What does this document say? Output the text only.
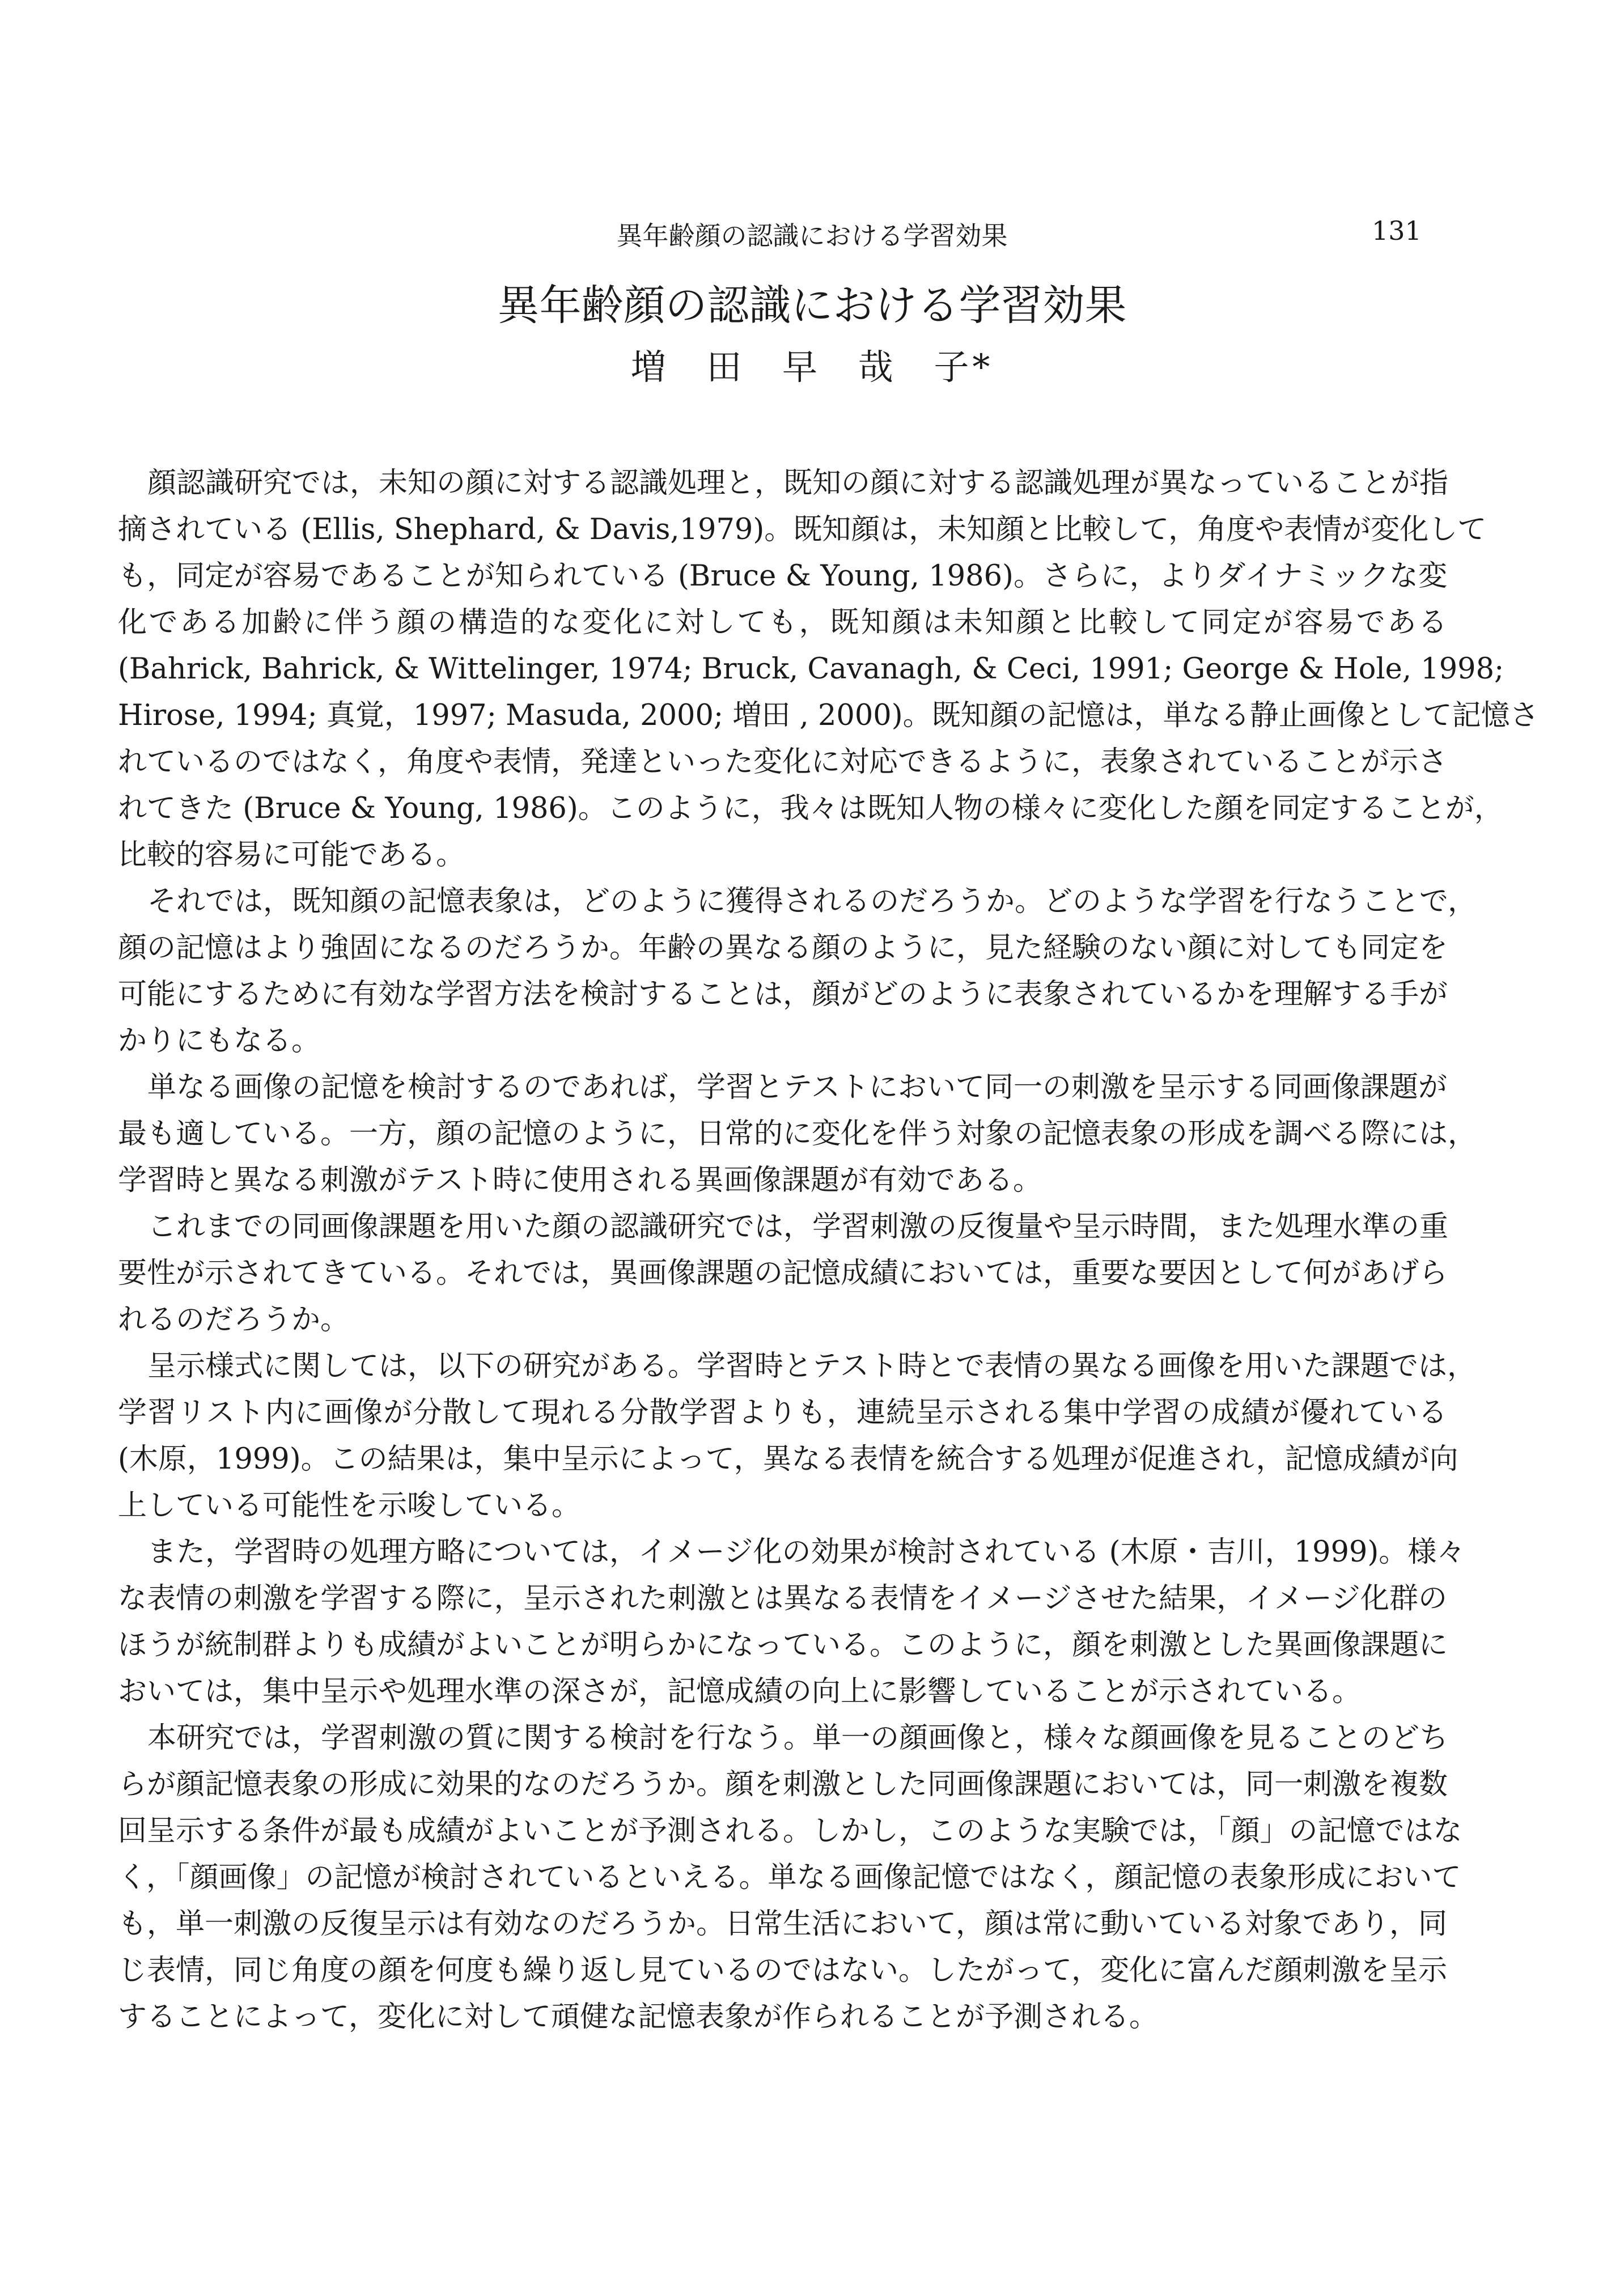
異年齢顔の認識における学習効果	131
異年齢顔の認識における学習効果
増 田 早 哉 子*
顔認識研究では，未知の顔に対する認識処理と，既知の顔に対する認識処理が異なっていることが指
摘されている (Ellis, Shephard, & Davis,1979)。既知顔は，未知顔と比較して，角度や表情が変化して
も，同定が容易であることが知られている (Bruce & Young, 1986)。さらに，よりダイナミックな変
化である加齢に伴う顔の構造的な変化に対しても，既知顔は未知顔と比較して同定が容易である
(Bahrick, Bahrick, & Wittelinger, 1974; Bruck, Cavanagh, & Ceci, 1991; George & Hole, 1998;
Hirose, 1994; 真覚，1997; Masuda, 2000; 増田 , 2000)。既知顔の記憶は，単なる静止画像として記憶さ
れているのではなく，角度や表情，発達といった変化に対応できるように，表象されていることが示さ
れてきた (Bruce & Young, 1986)。このように，我々は既知人物の様々に変化した顔を同定することが，
比較的容易に可能である。
それでは，既知顔の記憶表象は，どのように獲得されるのだろうか。どのような学習を行なうことで，
顔の記憶はより強固になるのだろうか。年齢の異なる顔のように，見た経験のない顔に対しても同定を
可能にするために有効な学習方法を検討することは，顔がどのように表象されているかを理解する手が
かりにもなる。
単なる画像の記憶を検討するのであれば，学習とテストにおいて同一の刺激を呈示する同画像課題が
最も適している。一方，顔の記憶のように，日常的に変化を伴う対象の記憶表象の形成を調べる際には，
学習時と異なる刺激がテスト時に使用される異画像課題が有効である。
これまでの同画像課題を用いた顔の認識研究では，学習刺激の反復量や呈示時間，また処理水準の重
要性が示されてきている。それでは，異画像課題の記憶成績においては，重要な要因として何があげら
れるのだろうか。
呈示様式に関しては，以下の研究がある。学習時とテスト時とで表情の異なる画像を用いた課題では，
学習リスト内に画像が分散して現れる分散学習よりも，連続呈示される集中学習の成績が優れている
(木原，1999)。この結果は，集中呈示によって，異なる表情を統合する処理が促進され，記憶成績が向
上している可能性を示唆している。
また，学習時の処理方略については，イメージ化の効果が検討されている (木原・吉川，1999)。様々
な表情の刺激を学習する際に，呈示された刺激とは異なる表情をイメージさせた結果，イメージ化群の
ほうが統制群よりも成績がよいことが明らかになっている。このように，顔を刺激とした異画像課題に
おいては，集中呈示や処理水準の深さが，記憶成績の向上に影響していることが示されている。
本研究では，学習刺激の質に関する検討を行なう。単一の顔画像と，様々な顔画像を見ることのどち
らが顔記憶表象の形成に効果的なのだろうか。顔を刺激とした同画像課題においては，同一刺激を複数
回呈示する条件が最も成績がよいことが予測される。しかし，このような実験では，「顔」の記憶ではな
く，「顔画像」の記憶が検討されているといえる。単なる画像記憶ではなく，顔記憶の表象形成において
も，単一刺激の反復呈示は有効なのだろうか。日常生活において，顔は常に動いている対象であり，同
じ表情，同じ角度の顔を何度も繰り返し見ているのではない。したがって，変化に富んだ顔刺激を呈示
することによって，変化に対して頑健な記憶表象が作られることが予測される。
